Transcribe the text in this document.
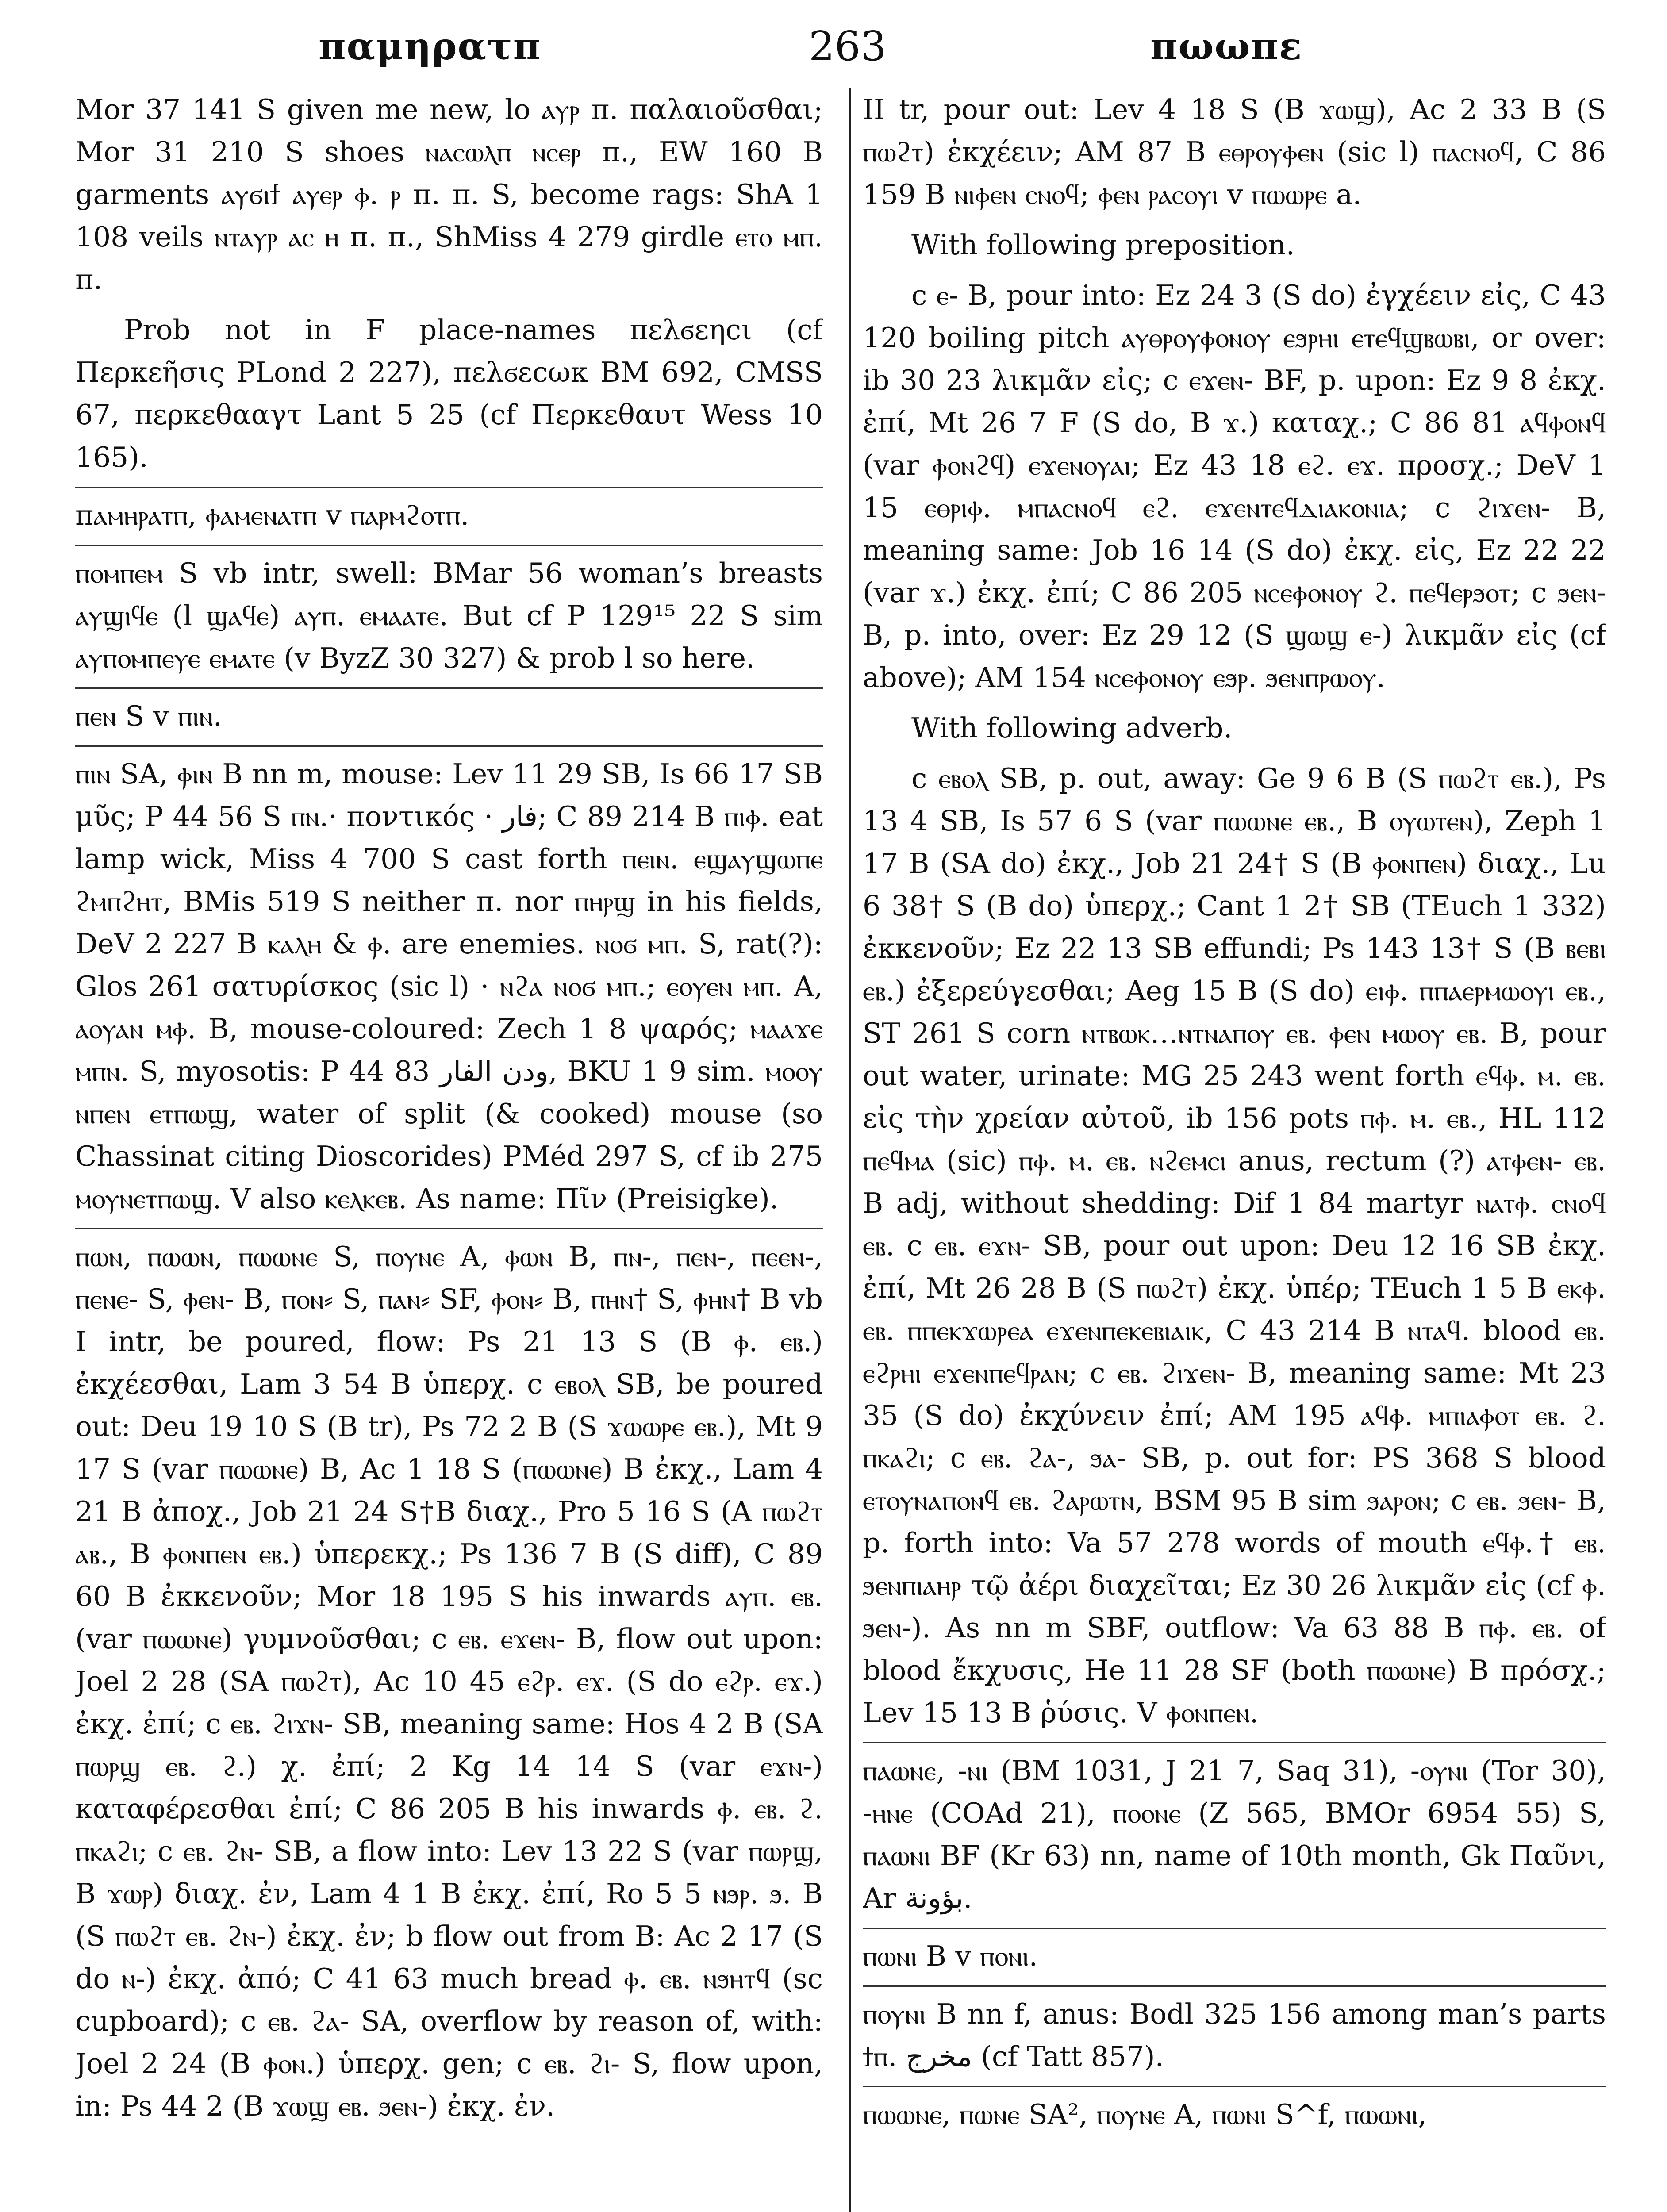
παμηρατπ	263	πωωπε

Mor 37 141 S given me new, lo ⲁⲩⲣ π. παλαιοῦσθαι; Mor 31 210 S shoes ⲛⲁⲥⲱⲗⲡ ⲛⲥⲉⲣ π., EW 160 B garments ⲁⲩϭⲓϯ ⲁⲩⲉⲣ ⲫ. ⲣ π. π. S, become rags: ShA 1 108 veils ⲛⲧⲁⲩⲣ ⲁⲥ ⲏ π. π., ShMiss 4 279 girdle ⲉⲧⲟ ⲙⲡ. π.

Prob not in F place-names πελϭεηcι (cf Περκεῆσις PLond 2 227), πελϭεcωκ BM 692, CMSS 67, περκεθααγτ Lant 5 25 (cf Περκεθαυτ Wess 10 165).

πⲁⲙⲏⲣⲁⲧⲡ, ⲫⲁⲙⲉⲛⲁⲧⲡ v ⲡⲁⲣⲙϩⲟⲧⲡ.

ⲡⲟⲙⲡⲉⲙ S vb intr, swell: BMar 56 woman’s breasts ⲁⲩϣⲓϥⲉ (l ϣⲁϥⲉ) ⲁⲩⲡ. ⲉⲙⲁⲁⲧⲉ. But cf P 129¹⁵ 22 S sim ⲁⲩⲡⲟⲙⲡⲉⲩⲉ ⲉⲙⲁⲧⲉ (v ByzZ 30 327) & prob l so here.

ⲡⲉⲛ S v ⲡⲓⲛ.

ⲡⲓⲛ SA, ⲫⲓⲛ B nn m, mouse: Lev 11 29 SB, Is 66 17 SB μῦς; P 44 56 S ⲡⲛ.· ποντικός · فار; C 89 214 B ⲡⲓⲫ. eat lamp wick, Miss 4 700 S cast forth ⲡⲉⲓⲛ. ⲉϣⲁⲩϣⲱⲡⲉ ϩⲙⲡϩⲏⲧ, BMis 519 S neither π. nor ⲡⲏⲣϣ in his fields, DeV 2 227 B ⲕⲁⲗⲏ & ⲫ. are enemies. ⲛⲟϭ ⲙⲡ. S, rat(?): Glos 261 σατυρίσκος (sic l) · ⲛϩⲁ ⲛⲟϭ ⲙⲡ.; ⲉⲟⲩⲉⲛ ⲙⲡ. A, ⲁⲟⲩⲁⲛ ⲙⲫ. B, mouse-coloured: Zech 1 8 ψαρός; ⲙⲁⲁϫⲉ ⲙⲡⲛ. S, myosotis: P 44 83 ودن الفار, BKU 1 9 sim. ⲙⲟⲟⲩ ⲛⲡⲉⲛ ⲉⲧⲡⲱϣ, water of split (& cooked) mouse (so Chassinat citing Dioscorides) PMéd 297 S, cf ib 275 ⲙⲟⲩⲛⲉⲧⲡⲱϣ. V also ⲕⲉⲗⲕⲉⲃ. As name: Πῖν (Preisigke).

ⲡⲱⲛ, ⲡⲱⲱⲛ, ⲡⲱⲱⲛⲉ S, ⲡⲟⲩⲛⲉ A, ⲫⲱⲛ B, ⲡⲛ-, ⲡⲉⲛ-, ⲡⲉⲉⲛ-, ⲡⲉⲛⲉ- S, ⲫⲉⲛ- B, ⲡⲟⲛ⸗ S, ⲡⲁⲛ⸗ SF, ⲫⲟⲛ⸗ B, ⲡⲏⲛ† S, ⲫⲏⲛ† B vb I intr, be poured, flow: Ps 21 13 S (B ⲫ. ⲉⲃ.) ἐκχέεσθαι, Lam 3 54 B ὑπερχ. c ⲉⲃⲟⲗ SB, be poured out: Deu 19 10 S (B tr), Ps 72 2 B (S ϫⲱⲱⲣⲉ ⲉⲃ.), Mt 9 17 S (var ⲡⲱⲱⲛⲉ) B, Ac 1 18 S (ⲡⲱⲱⲛⲉ) B ἐκχ., Lam 4 21 B ἀποχ., Job 21 24 S†B διαχ., Pro 5 16 S (A ⲡⲱϩⲧ ⲁⲃ., B ⲫⲟⲛⲡⲉⲛ ⲉⲃ.) ὑπερεκχ.; Ps 136 7 B (S diff), C 89 60 B ἐκκενοῦν; Mor 18 195 S his inwards ⲁⲩⲡ. ⲉⲃ. (var ⲡⲱⲱⲛⲉ) γυμνοῦσθαι; c ⲉⲃ. ⲉϫⲉⲛ- B, flow out upon: Joel 2 28 (SA ⲡⲱϩⲧ), Ac 10 45 ⲉϩⲣ. ⲉϫ. (S do ⲉϩⲣ. ⲉϫ.) ἐκχ. ἐπί; c ⲉⲃ. ϩⲓϫⲛ- SB, meaning same: Hos 4 2 B (SA ⲡⲱⲣϣ ⲉⲃ. ϩ.) χ. ἐπί; 2 Kg 14 14 S (var ⲉϫⲛ-) καταφέρεσθαι ἐπί; C 86 205 B his inwards ⲫ. ⲉⲃ. ϩ. ⲡⲕⲁϩⲓ; c ⲉⲃ. ϩⲛ- SB, a flow into: Lev 13 22 S (var ⲡⲱⲣϣ, B ϫⲱⲣ) διαχ. ἐν, Lam 4 1 B ἐκχ. ἐπί, Ro 5 5 ⲛϧⲣ. ϧ. B (S ⲡⲱϩⲧ ⲉⲃ. ϩⲛ-) ἐκχ. ἐν; b flow out from B: Ac 2 17 (S do ⲛ-) ἐκχ. ἀπό; C 41 63 much bread ⲫ. ⲉⲃ. ⲛϧⲏⲧϥ (sc cupboard); c ⲉⲃ. ϩⲁ- SA, overflow by reason of, with: Joel 2 24 (B ⲫⲟⲛ.) ὑπερχ. gen; c ⲉⲃ. ϩⲓ- S, flow upon, in: Ps 44 2 (B ϫⲱϣ ⲉⲃ. ϧⲉⲛ-) ἐκχ. ἐν.

II tr, pour out: Lev 4 18 S (B ϫⲱϣ), Ac 2 33 B (S ⲡⲱϩⲧ) ἐκχέειν; AM 87 B ⲉⲑⲣⲟⲩⲫⲉⲛ (sic l) ⲡⲁⲥⲛⲟϥ, C 86 159 B ⲛⲓⲫⲉⲛ ⲥⲛⲟϥ; ⲫⲉⲛ ⲣⲁⲥⲟⲩⲓ v ⲡⲱⲱⲣⲉ a.

With following preposition.

c ⲉ- B, pour into: Ez 24 3 (S do) ἐγχέειν εἰς, C 43 120 boiling pitch ⲁⲩⲑⲣⲟⲩⲫⲟⲛⲟⲩ ⲉϧⲣⲏⲓ ⲉⲧⲉϥϣⲃⲱⲃⲓ, or over: ib 30 23 λικμᾶν εἰς; c ⲉϫⲉⲛ- BF, p. upon: Ez 9 8 ἐκχ. ἐπί, Mt 26 7 F (S do, B ϫ.) καταχ.; C 86 81 ⲁϥⲫⲟⲛϥ (var ⲫⲟⲛϩϥ) ⲉϫⲉⲛⲟⲩⲁⲓ; Ez 43 18 ⲉϩ. ⲉϫ. προσχ.; DeV 1 15 ⲉⲑⲣⲓⲫ. ⲙⲡⲁⲥⲛⲟϥ ⲉϩ. ⲉϫⲉⲛⲧⲉϥⲇⲓⲁⲕⲟⲛⲓⲁ; c ϩⲓϫⲉⲛ- B, meaning same: Job 16 14 (S do) ἐκχ. εἰς, Ez 22 22 (var ϫ.) ἐκχ. ἐπί; C 86 205 ⲛⲥⲉⲫⲟⲛⲟⲩ ϩ. ⲡⲉϥⲉⲣϧⲟⲧ; c ϧⲉⲛ- B, p. into, over: Ez 29 12 (S ϣⲱϣ ⲉ-) λικμᾶν εἰς (cf above); AM 154 ⲛⲥⲉⲫⲟⲛⲟⲩ ⲉϧⲣ. ϧⲉⲛⲡⲣⲱⲟⲩ.

With following adverb.

c ⲉⲃⲟⲗ SB, p. out, away: Ge 9 6 B (S ⲡⲱϩⲧ ⲉⲃ.), Ps 13 4 SB, Is 57 6 S (var ⲡⲱⲱⲛⲉ ⲉⲃ., B ⲟⲩⲱⲧⲉⲛ), Zeph 1 17 B (SA do) ἐκχ., Job 21 24† S (B ⲫⲟⲛⲡⲉⲛ) διαχ., Lu 6 38† S (B do) ὑπερχ.; Cant 1 2† SB (TEuch 1 332) ἐκκενοῦν; Ez 22 13 SB effundi; Ps 143 13† S (B ⲃⲉⲃⲓ ⲉⲃ.) ἐξερεύγεσθαι; Aeg 15 B (S do) ⲉⲓⲫ. ⲡⲡⲁⲉⲣⲙⲱⲟⲩⲓ ⲉⲃ., ST 261 S corn ⲛⲧⲃⲱⲕ…ⲛⲧⲛⲁⲡⲟⲩ ⲉⲃ. ⲫⲉⲛ ⲙⲱⲟⲩ ⲉⲃ. B, pour out water, urinate: MG 25 243 went forth ⲉϥⲫ. ⲙ. ⲉⲃ. εἰς τὴν χρείαν αὐτοῦ, ib 156 pots ⲡⲫ. ⲙ. ⲉⲃ., HL 112 ⲡⲉϥⲙⲁ (sic) ⲡⲫ. ⲙ. ⲉⲃ. ⲛϩⲉⲙⲥⲓ anus, rectum (?) ⲁⲧⲫⲉⲛ- ⲉⲃ. B adj, without shedding: Dif 1 84 martyr ⲛⲁⲧⲫ. ⲥⲛⲟϥ ⲉⲃ. c ⲉⲃ. ⲉϫⲛ- SB, pour out upon: Deu 12 16 SB ἐκχ. ἐπί, Mt 26 28 B (S ⲡⲱϩⲧ) ἐκχ. ὑπέρ; TEuch 1 5 B ⲉⲕⲫ. ⲉⲃ. ⲡⲡⲉⲕϫⲱⲣⲉⲁ ⲉϫⲉⲛⲡⲉⲕⲉⲃⲓⲁⲓⲕ, C 43 214 B ⲛⲧⲁϥ. blood ⲉⲃ. ⲉϩⲣⲏⲓ ⲉϫⲉⲛⲡⲉϥⲣⲁⲛ; c ⲉⲃ. ϩⲓϫⲉⲛ- B, meaning same: Mt 23 35 (S do) ἐκχύνειν ἐπί; AM 195 ⲁϥⲫ. ⲙⲡⲓⲁⲫⲟⲧ ⲉⲃ. ϩ. ⲡⲕⲁϩⲓ; c ⲉⲃ. ϩⲁ-, ϧⲁ- SB, p. out for: PS 368 S blood ⲉⲧⲟⲩⲛⲁⲡⲟⲛϥ ⲉⲃ. ϩⲁⲣⲱⲧⲛ, BSM 95 B sim ϧⲁⲣⲟⲛ; c ⲉⲃ. ϧⲉⲛ- B, p. forth into: Va 57 278 words of mouth ⲉϥⲫ.† ⲉⲃ. ϧⲉⲛⲡⲓⲁⲏⲣ τῷ ἀέρι διαχεῖται; Ez 30 26 λικμᾶν εἰς (cf ⲫ. ϧⲉⲛ-). As nn m SBF, outflow: Va 63 88 B ⲡⲫ. ⲉⲃ. of blood ἔκχυσις, He 11 28 SF (both ⲡⲱⲱⲛⲉ) B πρόσχ.; Lev 15 13 B ῥύσις. V ⲫⲟⲛⲡⲉⲛ.

ⲡⲁⲱⲛⲉ, -ⲛⲓ (BM 1031, J 21 7, Saq 31), -ⲟⲩⲛⲓ (Tor 30), -ⲏⲛⲉ (COAd 21), ⲡⲟⲟⲛⲉ (Z 565, BMOr 6954 55) S, ⲡⲁⲱⲛⲓ BF (Kr 63) nn, name of 10th month, Gk Παῦνι, Ar بؤونة.

ⲡⲱⲛⲓ B v ⲡⲟⲛⲓ.

ⲡⲟⲩⲛⲓ B nn f, anus: Bodl 325 156 among man’s parts ϯⲡ. مخرج (cf Tatt 857).

ⲡⲱⲱⲛⲉ, ⲡⲱⲛⲉ SA², ⲡⲟⲩⲛⲉ A, ⲡⲱⲛⲓ S^f, ⲡⲱⲱⲛⲓ,
